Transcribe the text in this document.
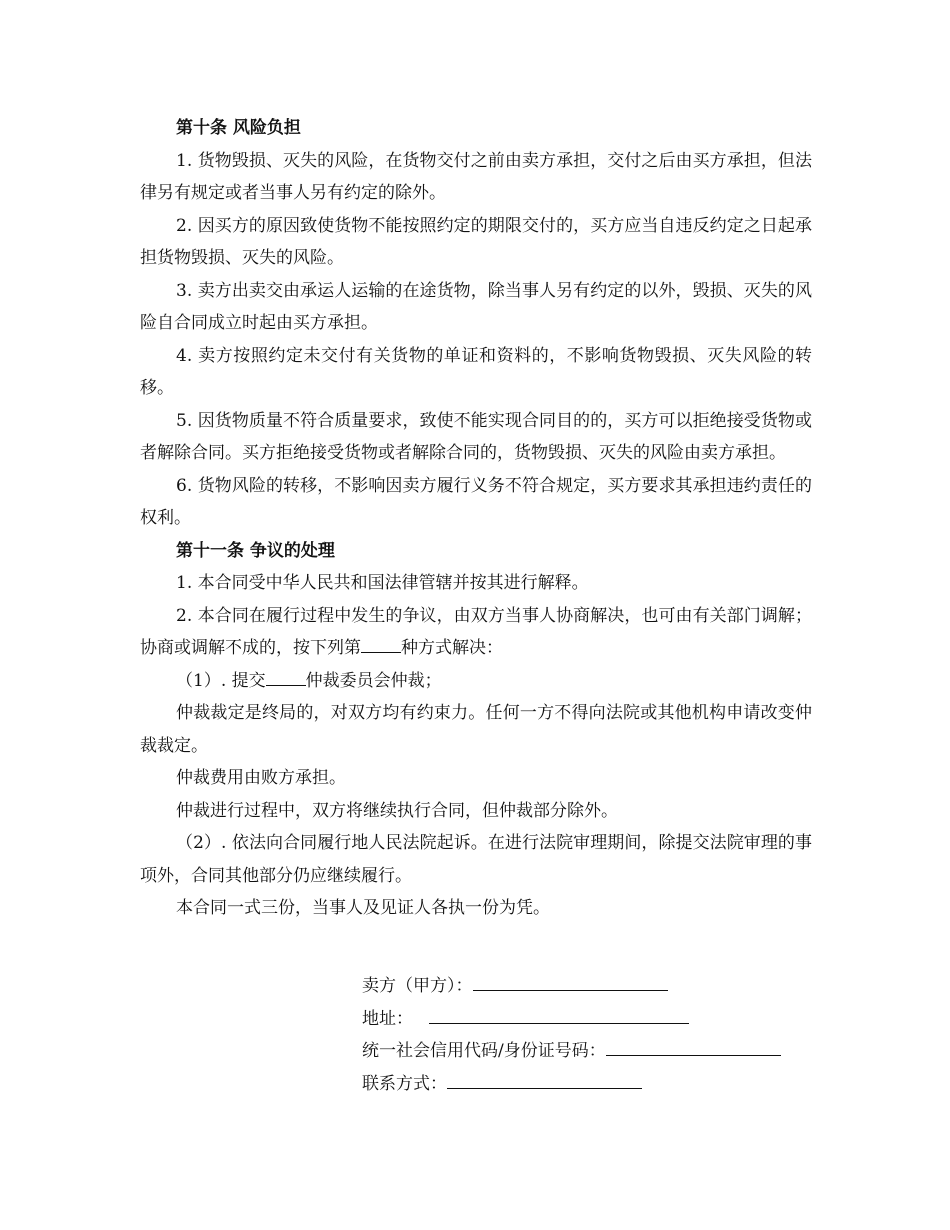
第十条 风险负担

1. 货物毁损、灭失的风险，在货物交付之前由卖方承担，交付之后由买方承担，但法律另有规定或者当事人另有约定的除外。

2. 因买方的原因致使货物不能按照约定的期限交付的，买方应当自违反约定之日起承担货物毁损、灭失的风险。

3. 卖方出卖交由承运人运输的在途货物，除当事人另有约定的以外，毁损、灭失的风险自合同成立时起由买方承担。

4. 卖方按照约定未交付有关货物的单证和资料的，不影响货物毁损、灭失风险的转移。

5. 因货物质量不符合质量要求，致使不能实现合同目的的，买方可以拒绝接受货物或者解除合同。买方拒绝接受货物或者解除合同的，货物毁损、灭失的风险由卖方承担。

6. 货物风险的转移，不影响因卖方履行义务不符合规定，买方要求其承担违约责任的权利。

第十一条 争议的处理

1. 本合同受中华人民共和国法律管辖并按其进行解释。

2. 本合同在履行过程中发生的争议，由双方当事人协商解决，也可由有关部门调解；协商或调解不成的，按下列第 种方式解决：

（1）. 提交 仲裁委员会仲裁；

仲裁裁定是终局的，对双方均有约束力。任何一方不得向法院或其他机构申请改变仲裁裁定。

仲裁费用由败方承担。

仲裁进行过程中，双方将继续执行合同，但仲裁部分除外。

（2）. 依法向合同履行地人民法院起诉。在进行法院审理期间，除提交法院审理的事项外，合同其他部分仍应继续履行。

本合同一式三份，当事人及见证人各执一份为凭。

卖方（甲方）：

地址：

统一社会信用代码/身份证号码：

联系方式：
